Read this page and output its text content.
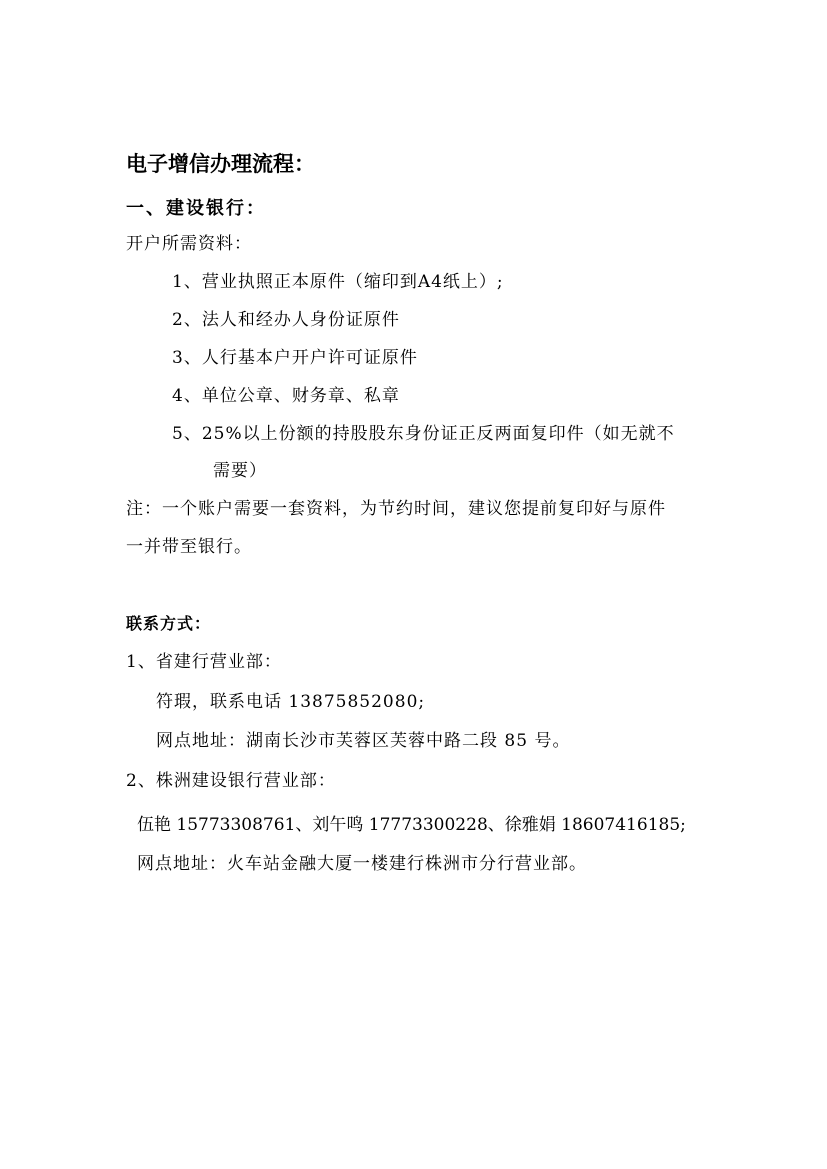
电子增信办理流程：
一、建设银行：
开户所需资料：
1、营业执照正本原件（缩印到A4纸上）;
2、法人和经办人身份证原件
3、人行基本户开户许可证原件
4、单位公章、财务章、私章
5、25%以上份额的持股股东身份证正反两面复印件（如无就不
需要）
注：一个账户需要一套资料，为节约时间，建议您提前复印好与原件
一并带至银行。
联系方式：
1、省建行营业部：
符瑕，联系电话 13875852080;
网点地址：湖南长沙市芙蓉区芙蓉中路二段 85 号。
2、株洲建设银行营业部：
伍艳 15773308761、刘午鸣 17773300228、徐雅娟 18607416185;
网点地址：火车站金融大厦一楼建行株洲市分行营业部。
